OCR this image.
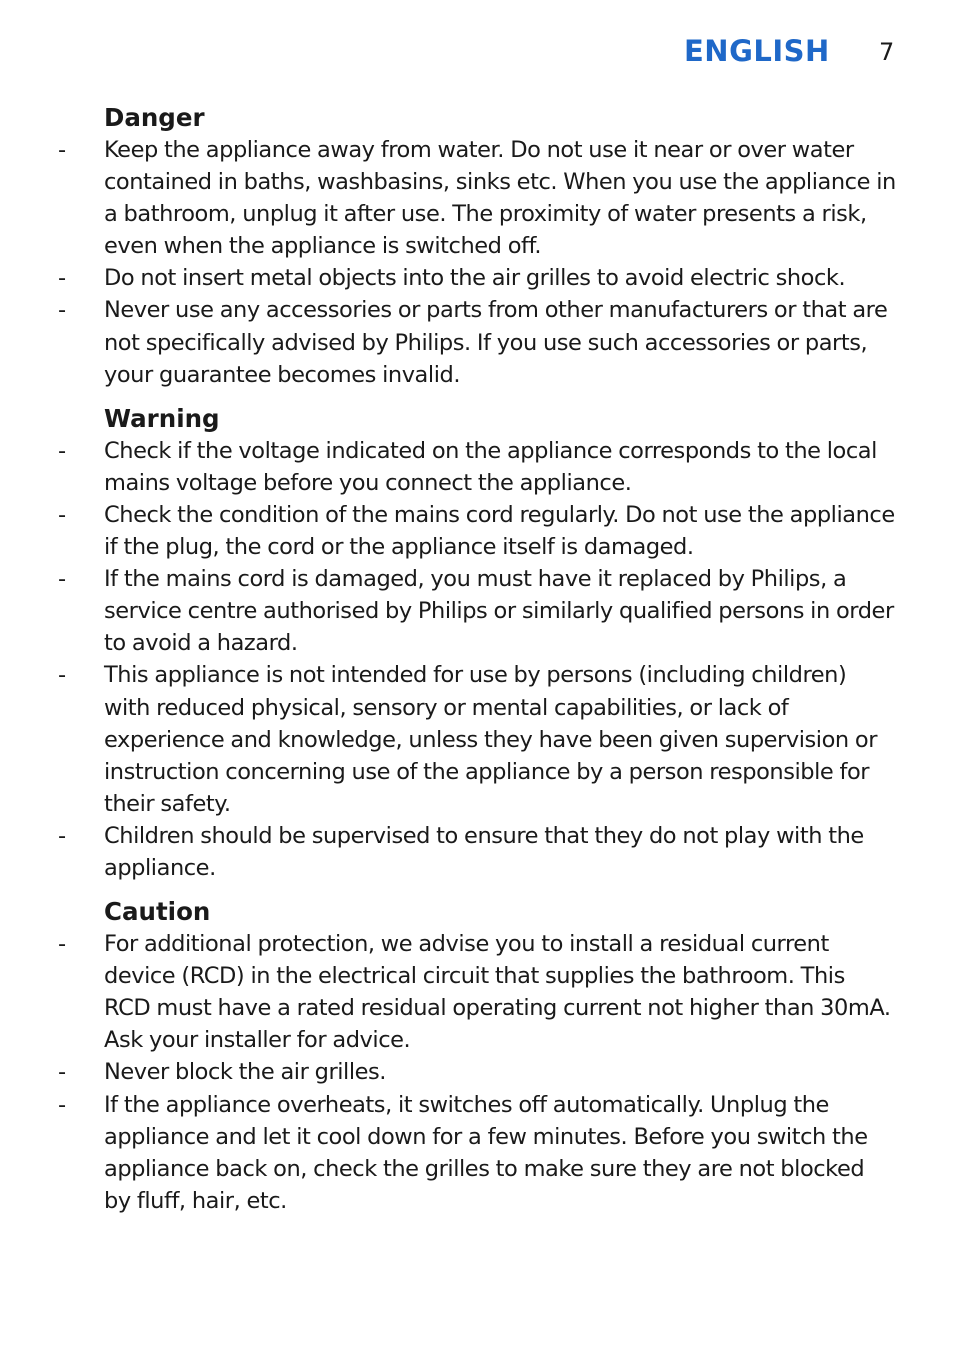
ENGLISH 7
Danger
-	Keep the appliance away from water. Do not use it near or over water contained in baths, washbasins, sinks etc. When you use the appliance in a bathroom, unplug it after use. The proximity of water presents a risk, even when the appliance is switched off.
-	Do not insert metal objects into the air grilles to avoid electric shock.
-	Never use any accessories or parts from other manufacturers or that are not specifically advised by Philips. If you use such accessories or parts, your guarantee becomes invalid.
Warning
-	Check if the voltage indicated on the appliance corresponds to the local mains voltage before you connect the appliance.
-	Check the condition of the mains cord regularly. Do not use the appliance if the plug, the cord or the appliance itself is damaged.
-	If the mains cord is damaged, you must have it replaced by Philips, a service centre authorised by Philips or similarly qualified persons in order to avoid a hazard.
-	This appliance is not intended for use by persons (including children) with reduced physical, sensory or mental capabilities, or lack of experience and knowledge, unless they have been given supervision or instruction concerning use of the appliance by a person responsible for their safety.
-	Children should be supervised to ensure that they do not play with the appliance.
Caution
-	For additional protection, we advise you to install a residual current device (RCD) in the electrical circuit that supplies the bathroom. This RCD must have a rated residual operating current not higher than 30mA. Ask your installer for advice.
-	Never block the air grilles.
-	If the appliance overheats, it switches off automatically. Unplug the appliance and let it cool down for a few minutes. Before you switch the appliance back on, check the grilles to make sure they are not blocked by fluff, hair, etc.
